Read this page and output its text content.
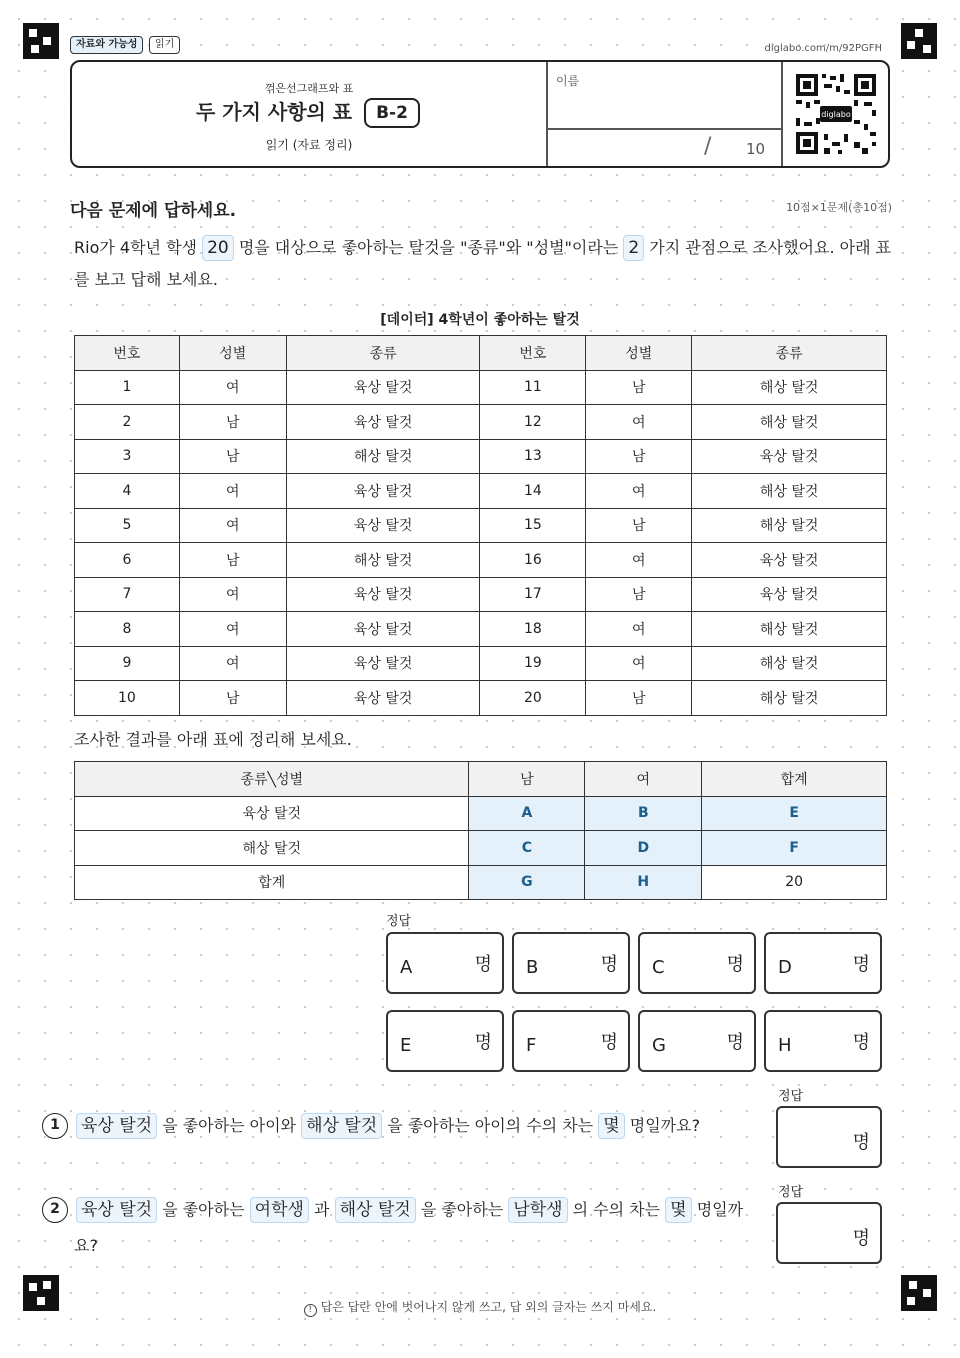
자료와 가능성	읽기	diglabo.com/m/92PGFH
꺾은선그래프와 표
두 가지 사항의 표	B-2
읽기 (자료 정리)
이름
/ 10
diglabo
다음 문제에 답하세요.	10점×1문제(총10점)
Rio가 4학년 학생 20 명을 대상으로 좋아하는 탈것을 "종류"와 "성별"이라는 2 가지 관점으로 조사했어요. 아래 표
를 보고 답해 보세요.
[데이터] 4학년이 좋아하는 탈것
번호	성별	종류	번호	성별	종류
1	여	육상 탈것	11	남	해상 탈것
2	남	육상 탈것	12	여	해상 탈것
3	남	해상 탈것	13	남	육상 탈것
4	여	육상 탈것	14	여	해상 탈것
5	여	육상 탈것	15	남	해상 탈것
6	남	해상 탈것	16	여	육상 탈것
7	여	육상 탈것	17	남	육상 탈것
8	여	육상 탈것	18	여	해상 탈것
9	여	육상 탈것	19	여	해상 탈것
10	남	육상 탈것	20	남	해상 탈것
조사한 결과를 아래 표에 정리해 보세요.
종류╲성별	남	여	합계
육상 탈것	A	B	E
해상 탈것	C	D	F
합계	G	H	20
정답
A	명 B	명 C	명 D	명
E	명 F	명 G	명 H	명
1	육상 탈것 을 좋아하는 아이와 해상 탈것 을 좋아하는 아이의 수의 차는 몇 명일까요?
정답
명
2	육상 탈것 을 좋아하는 여학생 과 해상 탈것 을 좋아하는 남학생 의 수의 차는 몇 명일까
요?
정답
명
! 답은 답란 안에 벗어나지 않게 쓰고, 답 외의 글자는 쓰지 마세요.
